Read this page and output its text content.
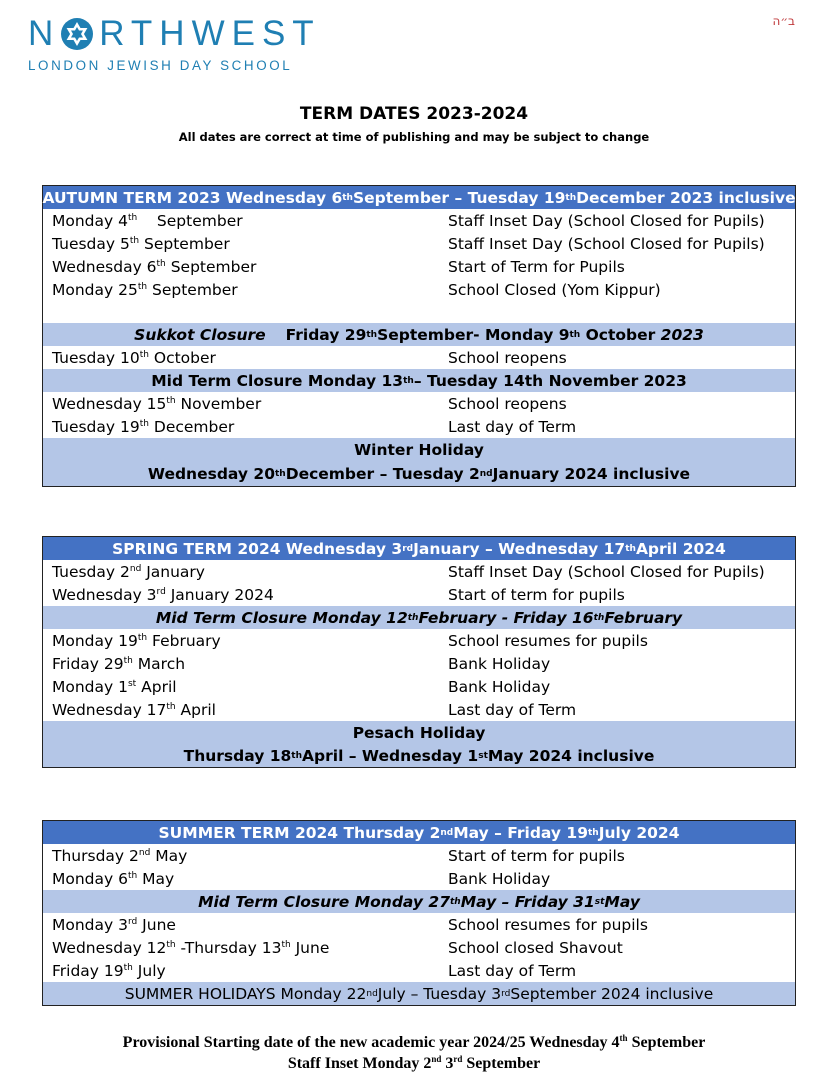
N RTHWEST
LONDON JEWISH DAY SCHOOL
ב״ה
TERM DATES 2023-2024
All dates are correct at time of publishing and may be subject to change
AUTUMN TERM 2023 Wednesday 6 th September – Tuesday 19 th December 2023 inclusive
Monday 4th    September	Staff Inset Day (School Closed for Pupils)
Tuesday 5th September	Staff Inset Day (School Closed for Pupils)
Wednesday 6th September	Start of Term for Pupils
Monday 25th September	School Closed (Yom Kippur)
Sukkot Closure Friday 29 th September- Monday 9 th October 2023
Tuesday 10th October	School reopens
Mid Term Closure Monday 13 th – Tuesday 14th November 2023
Wednesday 15th November	School reopens
Tuesday 19th December	Last day of Term
Winter Holiday
Wednesday 20 th December – Tuesday 2 nd January 2024 inclusive
SPRING TERM 2024 Wednesday 3 rd January – Wednesday 17 th April 2024
Tuesday 2nd January	Staff Inset Day (School Closed for Pupils)
Wednesday 3rd January 2024	Start of term for pupils
Mid Term Closure Monday 12 th February - Friday 16 th February
Monday 19th February	School resumes for pupils
Friday 29th March	Bank Holiday
Monday 1st April	Bank Holiday
Wednesday 17th April	Last day of Term
Pesach Holiday
Thursday 18 th April – Wednesday 1 st May 2024 inclusive
SUMMER TERM 2024 Thursday 2 nd May – Friday 19 th July 2024
Thursday 2nd May	Start of term for pupils
Monday 6th May	Bank Holiday
Mid Term Closure Monday 27 th May – Friday 31 st May
Monday 3rd June	School resumes for pupils
Wednesday 12th -Thursday 13th June	School closed Shavout
Friday 19th July	Last day of Term
SUMMER HOLIDAYS Monday 22 nd July – Tuesday 3 rd September 2024 inclusive
Provisional Starting date of the new academic year 2024/25 Wednesday 4th September
Staff Inset Monday 2nd 3rd September
